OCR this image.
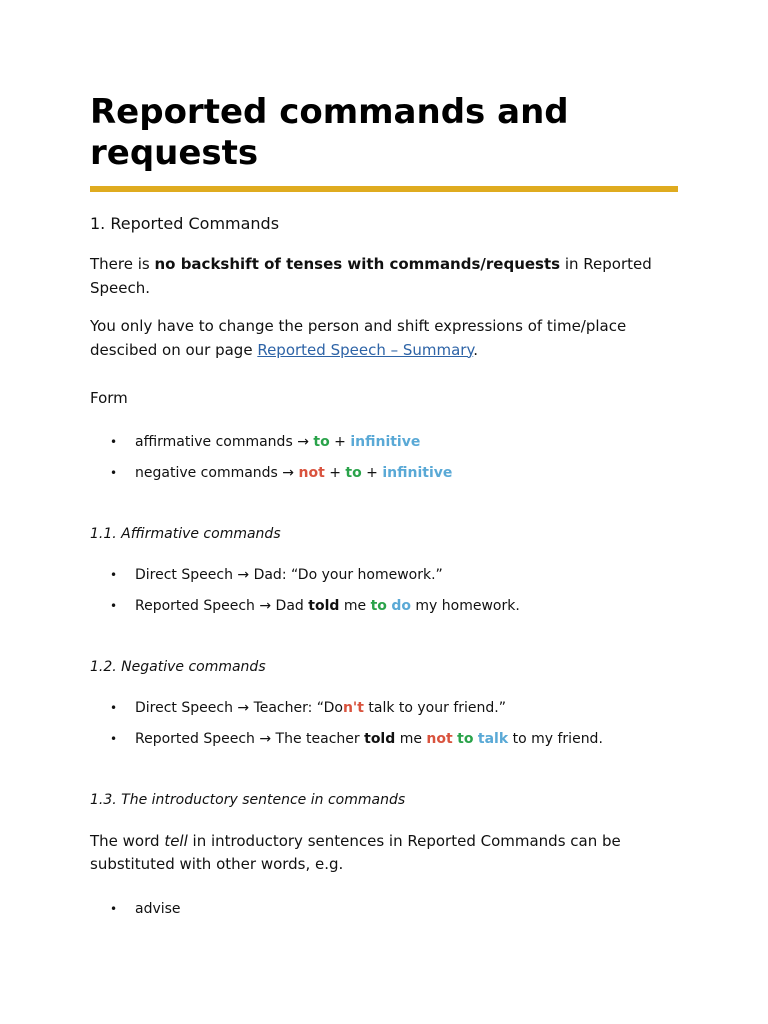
Reported commands and requests
1. Reported Commands

There is no backshift of tenses with commands/requests in Reported Speech.

You only have to change the person and shift expressions of time/place descibed on our page Reported Speech – Summary.

Form

• affirmative commands → to + infinitive
• negative commands → not + to + infinitive

1.1. Affirmative commands

• Direct Speech → Dad: “Do your homework.”
• Reported Speech → Dad told me to do my homework.

1.2. Negative commands

• Direct Speech → Teacher: “Don't talk to your friend.”
• Reported Speech → The teacher told me not to talk to my friend.

1.3. The introductory sentence in commands

The word tell in introductory sentences in Reported Commands can be substituted with other words, e.g.

• advise
